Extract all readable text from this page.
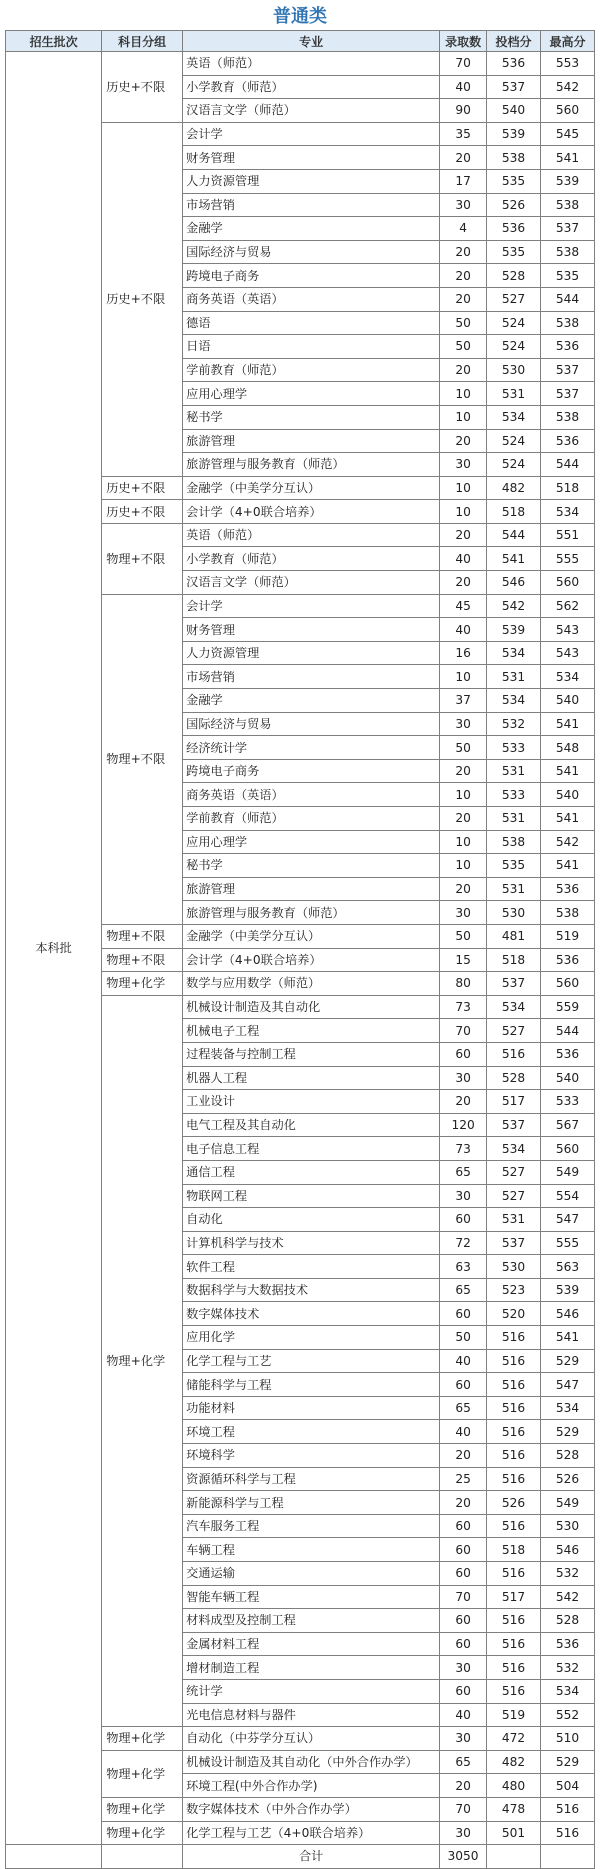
普通类
招生批次	科目分组	专业	录取数	投档分	最高分
本科批	历史+不限	英语（师范）	70	536	553
		小学教育（师范）	40	537	542
		汉语言文学（师范）	90	540	560
	历史+不限	会计学	35	539	545
		财务管理	20	538	541
		人力资源管理	17	535	539
		市场营销	30	526	538
		金融学	4	536	537
		国际经济与贸易	20	535	538
		跨境电子商务	20	528	535
		商务英语（英语）	20	527	544
		德语	50	524	538
		日语	50	524	536
		学前教育（师范）	20	530	537
		应用心理学	10	531	537
		秘书学	10	534	538
		旅游管理	20	524	536
		旅游管理与服务教育（师范）	30	524	544
	历史+不限	金融学（中美学分互认）	10	482	518
	历史+不限	会计学（4+0联合培养）	10	518	534
	物理+不限	英语（师范）	20	544	551
		小学教育（师范）	40	541	555
		汉语言文学（师范）	20	546	560
	物理+不限	会计学	45	542	562
		财务管理	40	539	543
		人力资源管理	16	534	543
		市场营销	10	531	534
		金融学	37	534	540
		国际经济与贸易	30	532	541
		经济统计学	50	533	548
		跨境电子商务	20	531	541
		商务英语（英语）	10	533	540
		学前教育（师范）	20	531	541
		应用心理学	10	538	542
		秘书学	10	535	541
		旅游管理	20	531	536
		旅游管理与服务教育（师范）	30	530	538
	物理+不限	金融学（中美学分互认）	50	481	519
	物理+不限	会计学（4+0联合培养）	15	518	536
	物理+化学	数学与应用数学（师范）	80	537	560
	物理+化学	机械设计制造及其自动化	73	534	559
		机械电子工程	70	527	544
		过程装备与控制工程	60	516	536
		机器人工程	30	528	540
		工业设计	20	517	533
		电气工程及其自动化	120	537	567
		电子信息工程	73	534	560
		通信工程	65	527	549
		物联网工程	30	527	554
		自动化	60	531	547
		计算机科学与技术	72	537	555
		软件工程	63	530	563
		数据科学与大数据技术	65	523	539
		数字媒体技术	60	520	546
		应用化学	50	516	541
		化学工程与工艺	40	516	529
		储能科学与工程	60	516	547
		功能材料	65	516	534
		环境工程	40	516	529
		环境科学	20	516	528
		资源循环科学与工程	25	516	526
		新能源科学与工程	20	526	549
		汽车服务工程	60	516	530
		车辆工程	60	518	546
		交通运输	60	516	532
		智能车辆工程	70	517	542
		材料成型及控制工程	60	516	528
		金属材料工程	60	516	536
		增材制造工程	30	516	532
		统计学	60	516	534
		光电信息材料与器件	40	519	552
	物理+化学	自动化（中芬学分互认）	30	472	510
	物理+化学	机械设计制造及其自动化（中外合作办学）	65	482	529
		环境工程(中外合作办学)	20	480	504
	物理+化学	数字媒体技术（中外合作办学）	70	478	516
	物理+化学	化学工程与工艺（4+0联合培养）	30	501	516
		合计	3050		
